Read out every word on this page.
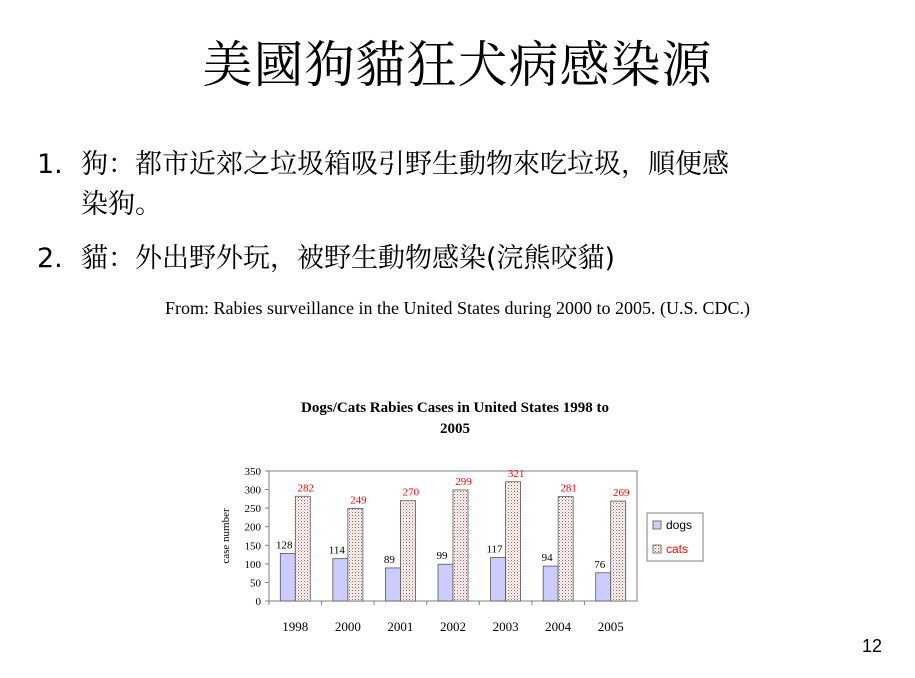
美國狗貓狂犬病感染源
1. 狗：都市近郊之垃圾箱吸引野生動物來吃垃圾，順便感
染狗。
2. 貓：外出野外玩，被野生動物感染(浣熊咬貓)
From: Rabies surveillance in the United States during 2000 to 2005. (U.S. CDC.)
Dogs/Cats Rabies Cases in United States 1998 to
2005
0
50
100
150
200
250
300
350
case number	128
282
1998
114
249
2000
89
270
2001
99
299
2002
117
321
2003
94
281
2004
76
269
2005
dogs
cats
12
